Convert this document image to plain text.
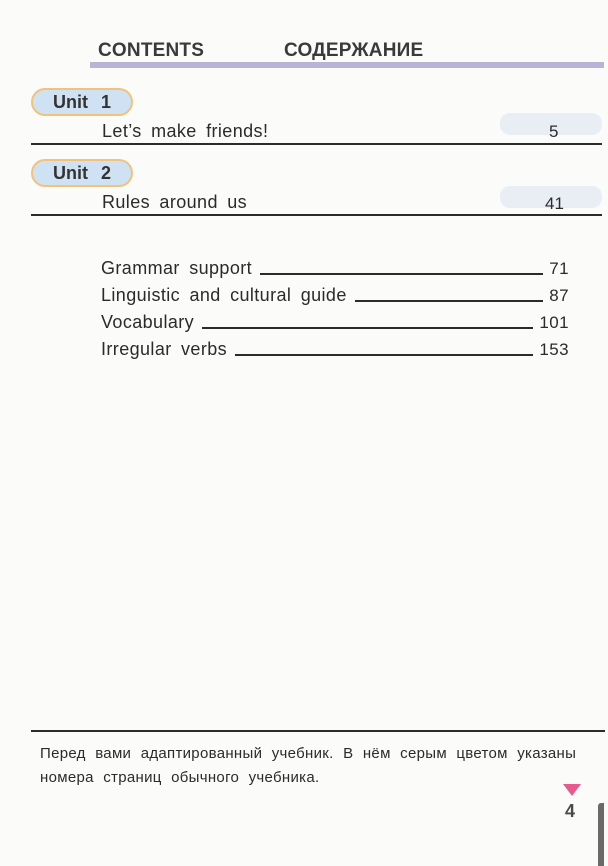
CONTENTS	СОДЕРЖАНИЕ
Unit 1
Let’s make friends!	5
Unit 2
Rules around us	41
Grammar support	71
Linguistic and cultural guide	87
Vocabulary	101
Irregular verbs	153
Перед вами адаптированный учебник. В нём серым цветом указаны номера страниц обычного учебника.
4
